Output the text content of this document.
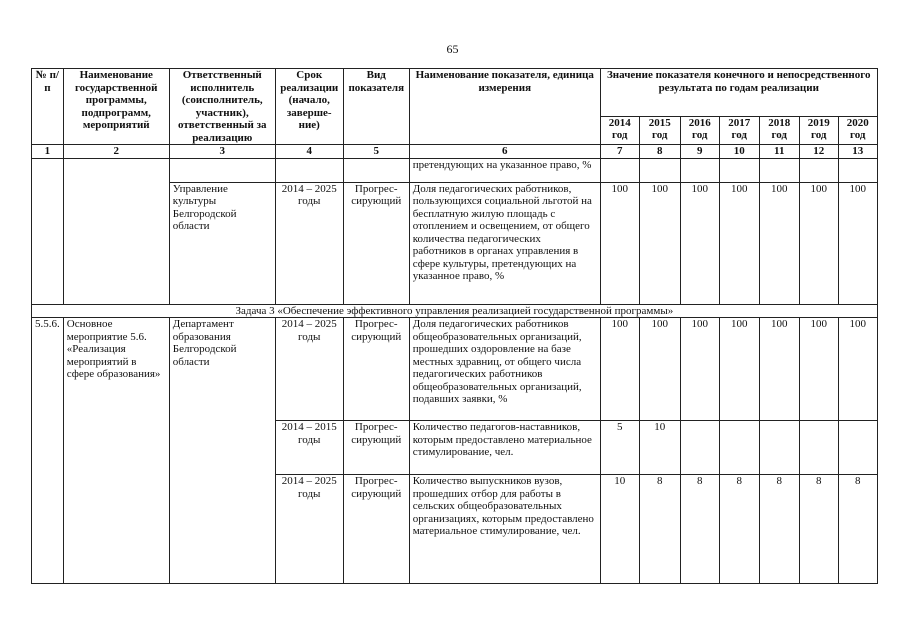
65
№ п/п	Наименование государственной программы, подпрограмм, мероприятий	Ответственный исполнитель (соисполнитель, участник), ответственный за реализацию	Срок реализации (начало, заверше-ние)	Вид показателя	Наименование показателя, единица измерения	Значение показателя конечного и непосредственного результата по годам реализации						
						2014 год	2015 год	2016 год	2017 год	2018 год	2019 год	2020 год
1	2	3	4	5	6	7	8	9	10	11	12	13
					претендующих на указанное право, %							
		Управление культуры Белгородской области	2014 – 2025 годы	Прогрес-сирующий	Доля педагогических работников, пользующихся социальной льготой на бесплатную жилую площадь с отоплением и освещением, от общего количества педагогических работников в органах управления в сфере культуры, претендующих на указанное право, %	100	100	100	100	100	100	100
Задача 3 «Обеспечение эффективного управления реализацией государственной программы»												
5.5.6.	Основное мероприятие 5.6. «Реализация мероприятий в сфере образования»	Департамент образования Белгородской области	2014 – 2025 годы	Прогрес-сирующий	Доля педагогических работников общеобразовательных организаций, прошедших оздоровление на базе местных здравниц, от общего числа педагогических работников общеобразовательных организаций, подавших заявки, %	100	100	100	100	100	100	100
			2014 – 2015 годы	Прогрес-сирующий	Количество педагогов-наставников, которым предоставлено материальное стимулирование, чел.	5	10					
			2014 – 2025 годы	Прогрес-сирующий	Количество выпускников вузов, прошедших отбор для работы в сельских общеобразовательных организациях, которым предоставлено материальное стимулирование, чел.	10	8	8	8	8	8	8
